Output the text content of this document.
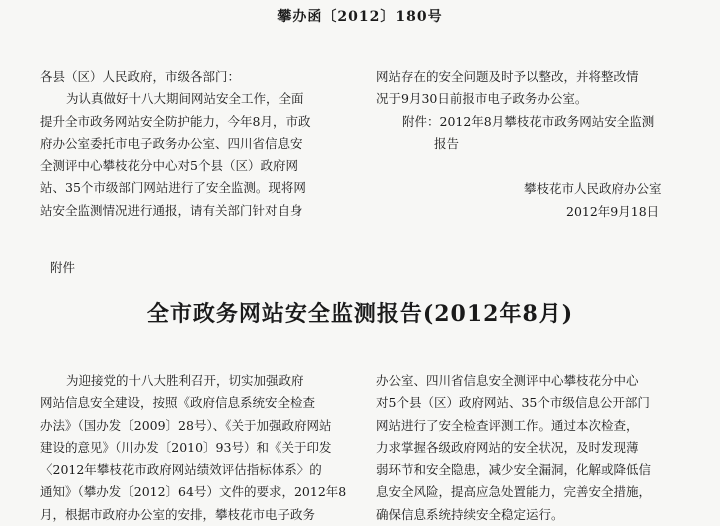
攀办函〔2012〕180号

各县（区）人民政府，市级各部门：

为认真做好十八大期间网站安全工作，全面

提升全市政务网站安全防护能力，今年8月，市政

府办公室委托市电子政务办公室、四川省信息安

全测评中心攀枝花分中心对5个县（区）政府网

站、35个市级部门网站进行了安全监测。现将网

站安全监测情况进行通报，请有关部门针对自身

网站存在的安全问题及时予以整改，并将整改情

况于9月30日前报市电子政务办公室。

附件：2012年8月攀枝花市政务网站安全监测

报告

攀枝花市人民政府办公室
2012年9月18日
附件
全市政务网站安全监测报告(2012年8月)

为迎接党的十八大胜利召开，切实加强政府

网站信息安全建设，按照《政府信息系统安全检查

办法》（国办发〔2009〕28号）、《关于加强政府网站

建设的意见》（川办发〔2010〕93号）和《关于印发

〈2012年攀枝花市政府网站绩效评估指标体系〉的

通知》（攀办发〔2012〕64号）文件的要求，2012年8

月，根据市政府办公室的安排，攀枝花市电子政务

办公室、四川省信息安全测评中心攀枝花分中心

对5个县（区）政府网站、35个市级信息公开部门

网站进行了安全检查评测工作。通过本次检查，

力求掌握各级政府网站的安全状况，及时发现薄

弱环节和安全隐患，减少安全漏洞，化解或降低信

息安全风险，提高应急处置能力，完善安全措施，

确保信息系统持续安全稳定运行。
